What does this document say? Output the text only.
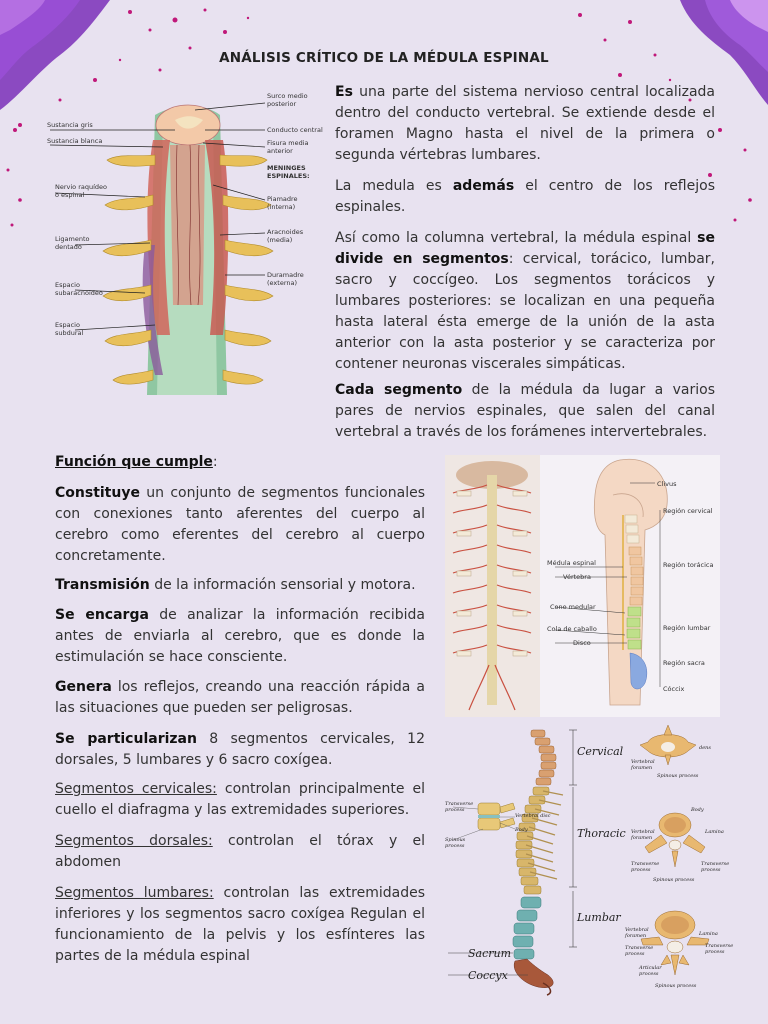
ANÁLISIS CRÍTICO DE LA MÉDULA ESPINAL
Surco medio
posterior
Sustancia gris
Sustancia blanca
Conducto central
Fisura media
anterior
MENINGES
ESPINALES:
Nervio raquídeo
o espinal	Piamadre
(interna)
Ligamento
dentado
Aracnoides
(media)
Espacio
subaracnoideo
Duramadre
(externa)
Espacio
subdural

Es una parte del sistema nervioso central localizada dentro del conducto vertebral. Se extiende desde el foramen Magno hasta el nivel de la primera o segunda vértebras lumbares.

La medula es además el centro de los reflejos espinales.

Así como la columna vertebral, la médula espinal se divide en segmentos: cervical, torácico, lumbar, sacro y coccígeo. Los segmentos torácicos y lumbares posteriores: se localizan en una pequeña hasta lateral ésta emerge de la unión de la asta anterior con la asta posterior y se caracteriza por contener neuronas viscerales simpáticas.

Cada segmento de la médula da lugar a varios pares de nervios espinales, que salen del canal vertebral a través de los forámenes intervertebrales.

Función que cumple:

Constituye un conjunto de segmentos funcionales con conexiones tanto aferentes del cuerpo al cerebro como eferentes del cerebro al cuerpo concretamente.

Transmisión de la información sensorial y motora.

Se encarga de analizar la información recibida antes de enviarla al cerebro, que es donde la estimulación se hace consciente.

Genera los reflejos, creando una reacción rápida a las situaciones que pueden ser peligrosas.

Se particularizan 8 segmentos cervicales, 12 dorsales, 5 lumbares y 6 sacro coxígea.

Segmentos cervicales: controlan principalmente el cuello el diafragma y las extremidades superiores.

Segmentos dorsales: controlan el tórax y el abdomen

Segmentos lumbares: controlan las extremidades inferiores y los segmentos sacro coxígea Regulan el funcionamiento de la pelvis y los esfínteres las partes de la médula espinal

Clivus
Región cervical
Región torácica
Médula espinal
Vértebra
Cono medular
Cola de caballo
Disco
Región lumbar
Región sacra
Cóccix
Cervical
Thoracic
Lumbar
Sacrum
Coccyx
Transverse
process
Spinous
process
Vertebral disc
Body
dens
Vertebral
foramen
Spinous process
Body
Vertebral
foramen
Lamina
Transverse
process
Transverse
process
Spinous process
Vertebral
foramen	Lamina
Transverse
process
Transverse
process
Articular
process
Spinous process
